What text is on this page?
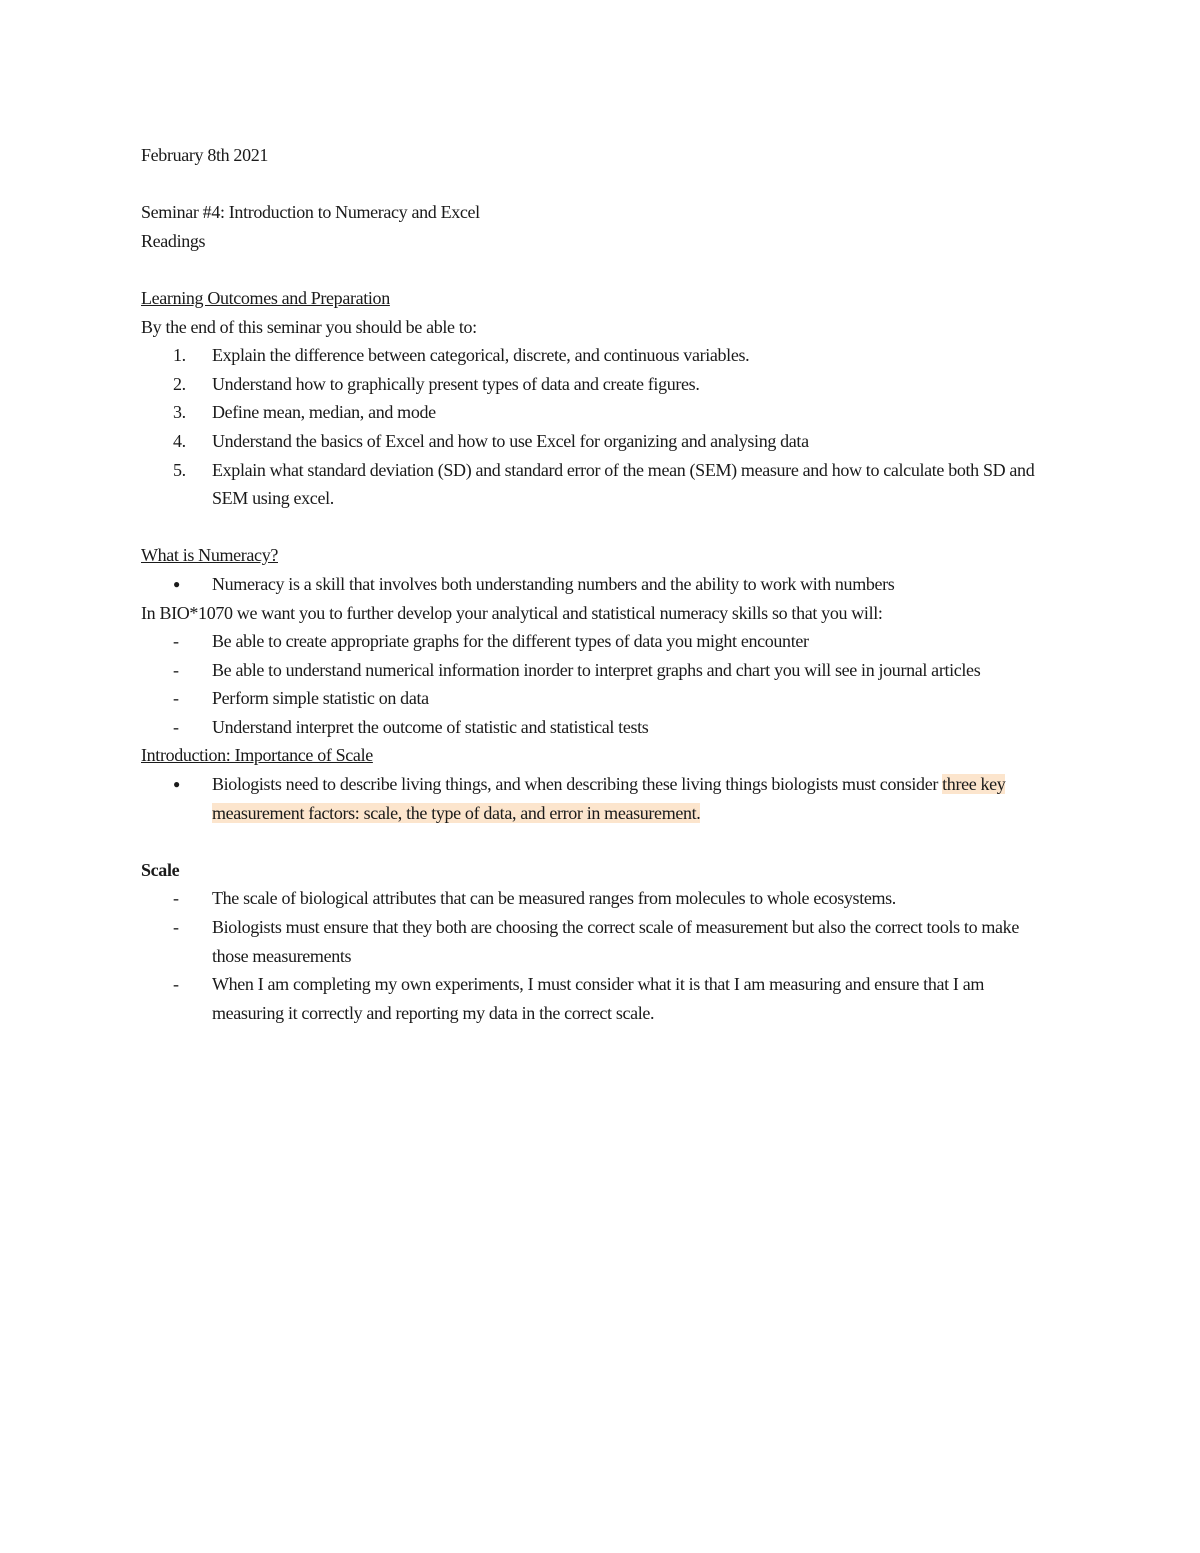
February 8th 2021

Seminar #4: Introduction to Numeracy and Excel

Readings

Learning Outcomes and Preparation

By the end of this seminar you should be able to:

1.	Explain the difference between categorical, discrete, and continuous variables.
2.	Understand how to graphically present types of data and create figures.
3.	Define mean, median, and mode
4.	Understand the basics of Excel and how to use Excel for organizing and analysing data
5.	Explain what standard deviation (SD) and standard error of the mean (SEM) measure and how to calculate both SD and SEM using excel.

What is Numeracy?

●	Numeracy is a skill that involves both understanding numbers and the ability to work with numbers

In BIO*1070 we want you to further develop your analytical and statistical numeracy skills so that you will:

-	Be able to create appropriate graphs for the different types of data you might encounter
-	Be able to understand numerical information inorder to interpret graphs and chart you will see in journal articles
-	Perform simple statistic on data
-	Understand interpret the outcome of statistic and statistical tests

Introduction: Importance of Scale

●	Biologists need to describe living things, and when describing these living things biologists must consider three key measurement factors: scale, the type of data, and error in measurement.

Scale

-	The scale of biological attributes that can be measured ranges from molecules to whole ecosystems.
-	Biologists must ensure that they both are choosing the correct scale of measurement but also the correct tools to make those measurements
-	When I am completing my own experiments, I must consider what it is that I am measuring and ensure that I am measuring it correctly and reporting my data in the correct scale.
